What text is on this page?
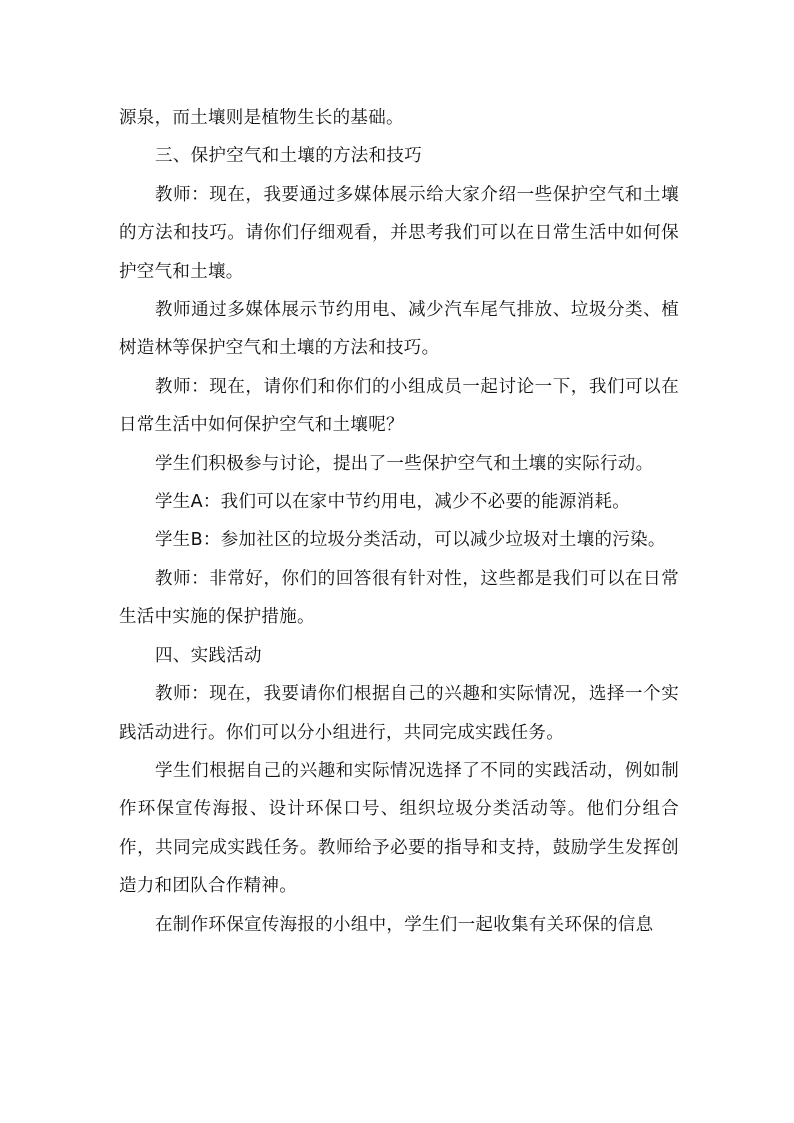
源泉，而土壤则是植物生长的基础。

三、保护空气和土壤的方法和技巧

教师：现在，我要通过多媒体展示给大家介绍一些保护空气和土壤的方法和技巧。请你们仔细观看，并思考我们可以在日常生活中如何保护空气和土壤。

教师通过多媒体展示节约用电、减少汽车尾气排放、垃圾分类、植树造林等保护空气和土壤的方法和技巧。

教师：现在，请你们和你们的小组成员一起讨论一下，我们可以在日常生活中如何保护空气和土壤呢？

学生们积极参与讨论，提出了一些保护空气和土壤的实际行动。

学生A：我们可以在家中节约用电，减少不必要的能源消耗。

学生B：参加社区的垃圾分类活动，可以减少垃圾对土壤的污染。

教师：非常好，你们的回答很有针对性，这些都是我们可以在日常生活中实施的保护措施。

四、实践活动

教师：现在，我要请你们根据自己的兴趣和实际情况，选择一个实践活动进行。你们可以分小组进行，共同完成实践任务。

学生们根据自己的兴趣和实际情况选择了不同的实践活动，例如制作环保宣传海报、设计环保口号、组织垃圾分类活动等。他们分组合作，共同完成实践任务。教师给予必要的指导和支持，鼓励学生发挥创造力和团队合作精神。

在制作环保宣传海报的小组中，学生们一起收集有关环保的信息
